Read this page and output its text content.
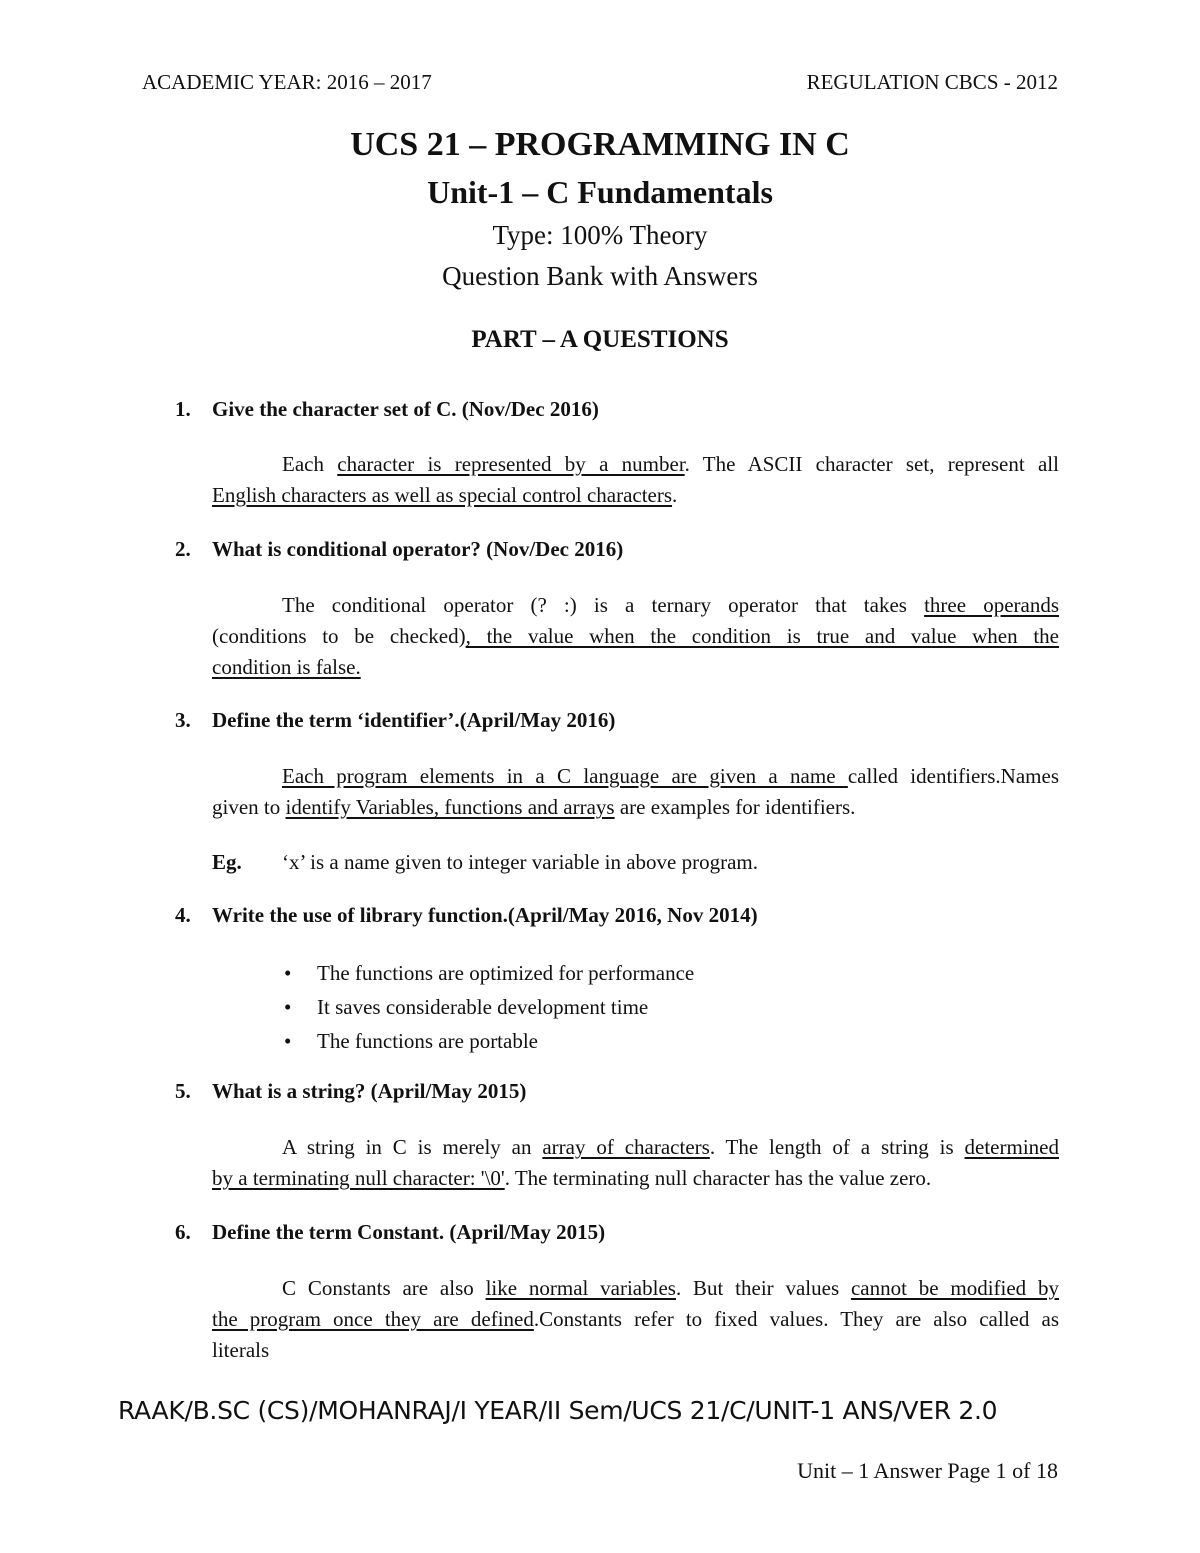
ACADEMIC YEAR: 2016 – 2017	REGULATION CBCS - 2012
UCS 21 – PROGRAMMING IN C
Unit-1 – C Fundamentals
Type: 100% Theory
Question Bank with Answers
PART – A QUESTIONS
1. Give the character set of C. (Nov/Dec 2016)
Each character is represented by a number. The ASCII character set, represent all
English characters as well as special control characters.
2. What is conditional operator? (Nov/Dec 2016)
The conditional operator (? :) is a ternary operator that takes three operands
(conditions to be checked), the value when the condition is true and value when the
condition is false.
3. Define the term ‘identifier’.(April/May 2016)
Each program elements in a C language are given a name called identifiers.Names
given to identify Variables, functions and arrays are examples for identifiers.
Eg. ‘x’ is a name given to integer variable in above program.
4. Write the use of library function.(April/May 2016, Nov 2014)
• The functions are optimized for performance
• It saves considerable development time
• The functions are portable
5. What is a string? (April/May 2015)
A string in C is merely an array of characters. The length of a string is determined
by a terminating null character: '\0'. The terminating null character has the value zero.
6. Define the term Constant. (April/May 2015)
C Constants are also like normal variables. But their values cannot be modified by
the program once they are defined.Constants refer to fixed values. They are also called as
literals
RAAK/B.SC (CS)/MOHANRAJ/I YEAR/II Sem/UCS 21/C/UNIT-1 ANS/VER 2.0
Unit – 1 Answer Page 1 of 18
